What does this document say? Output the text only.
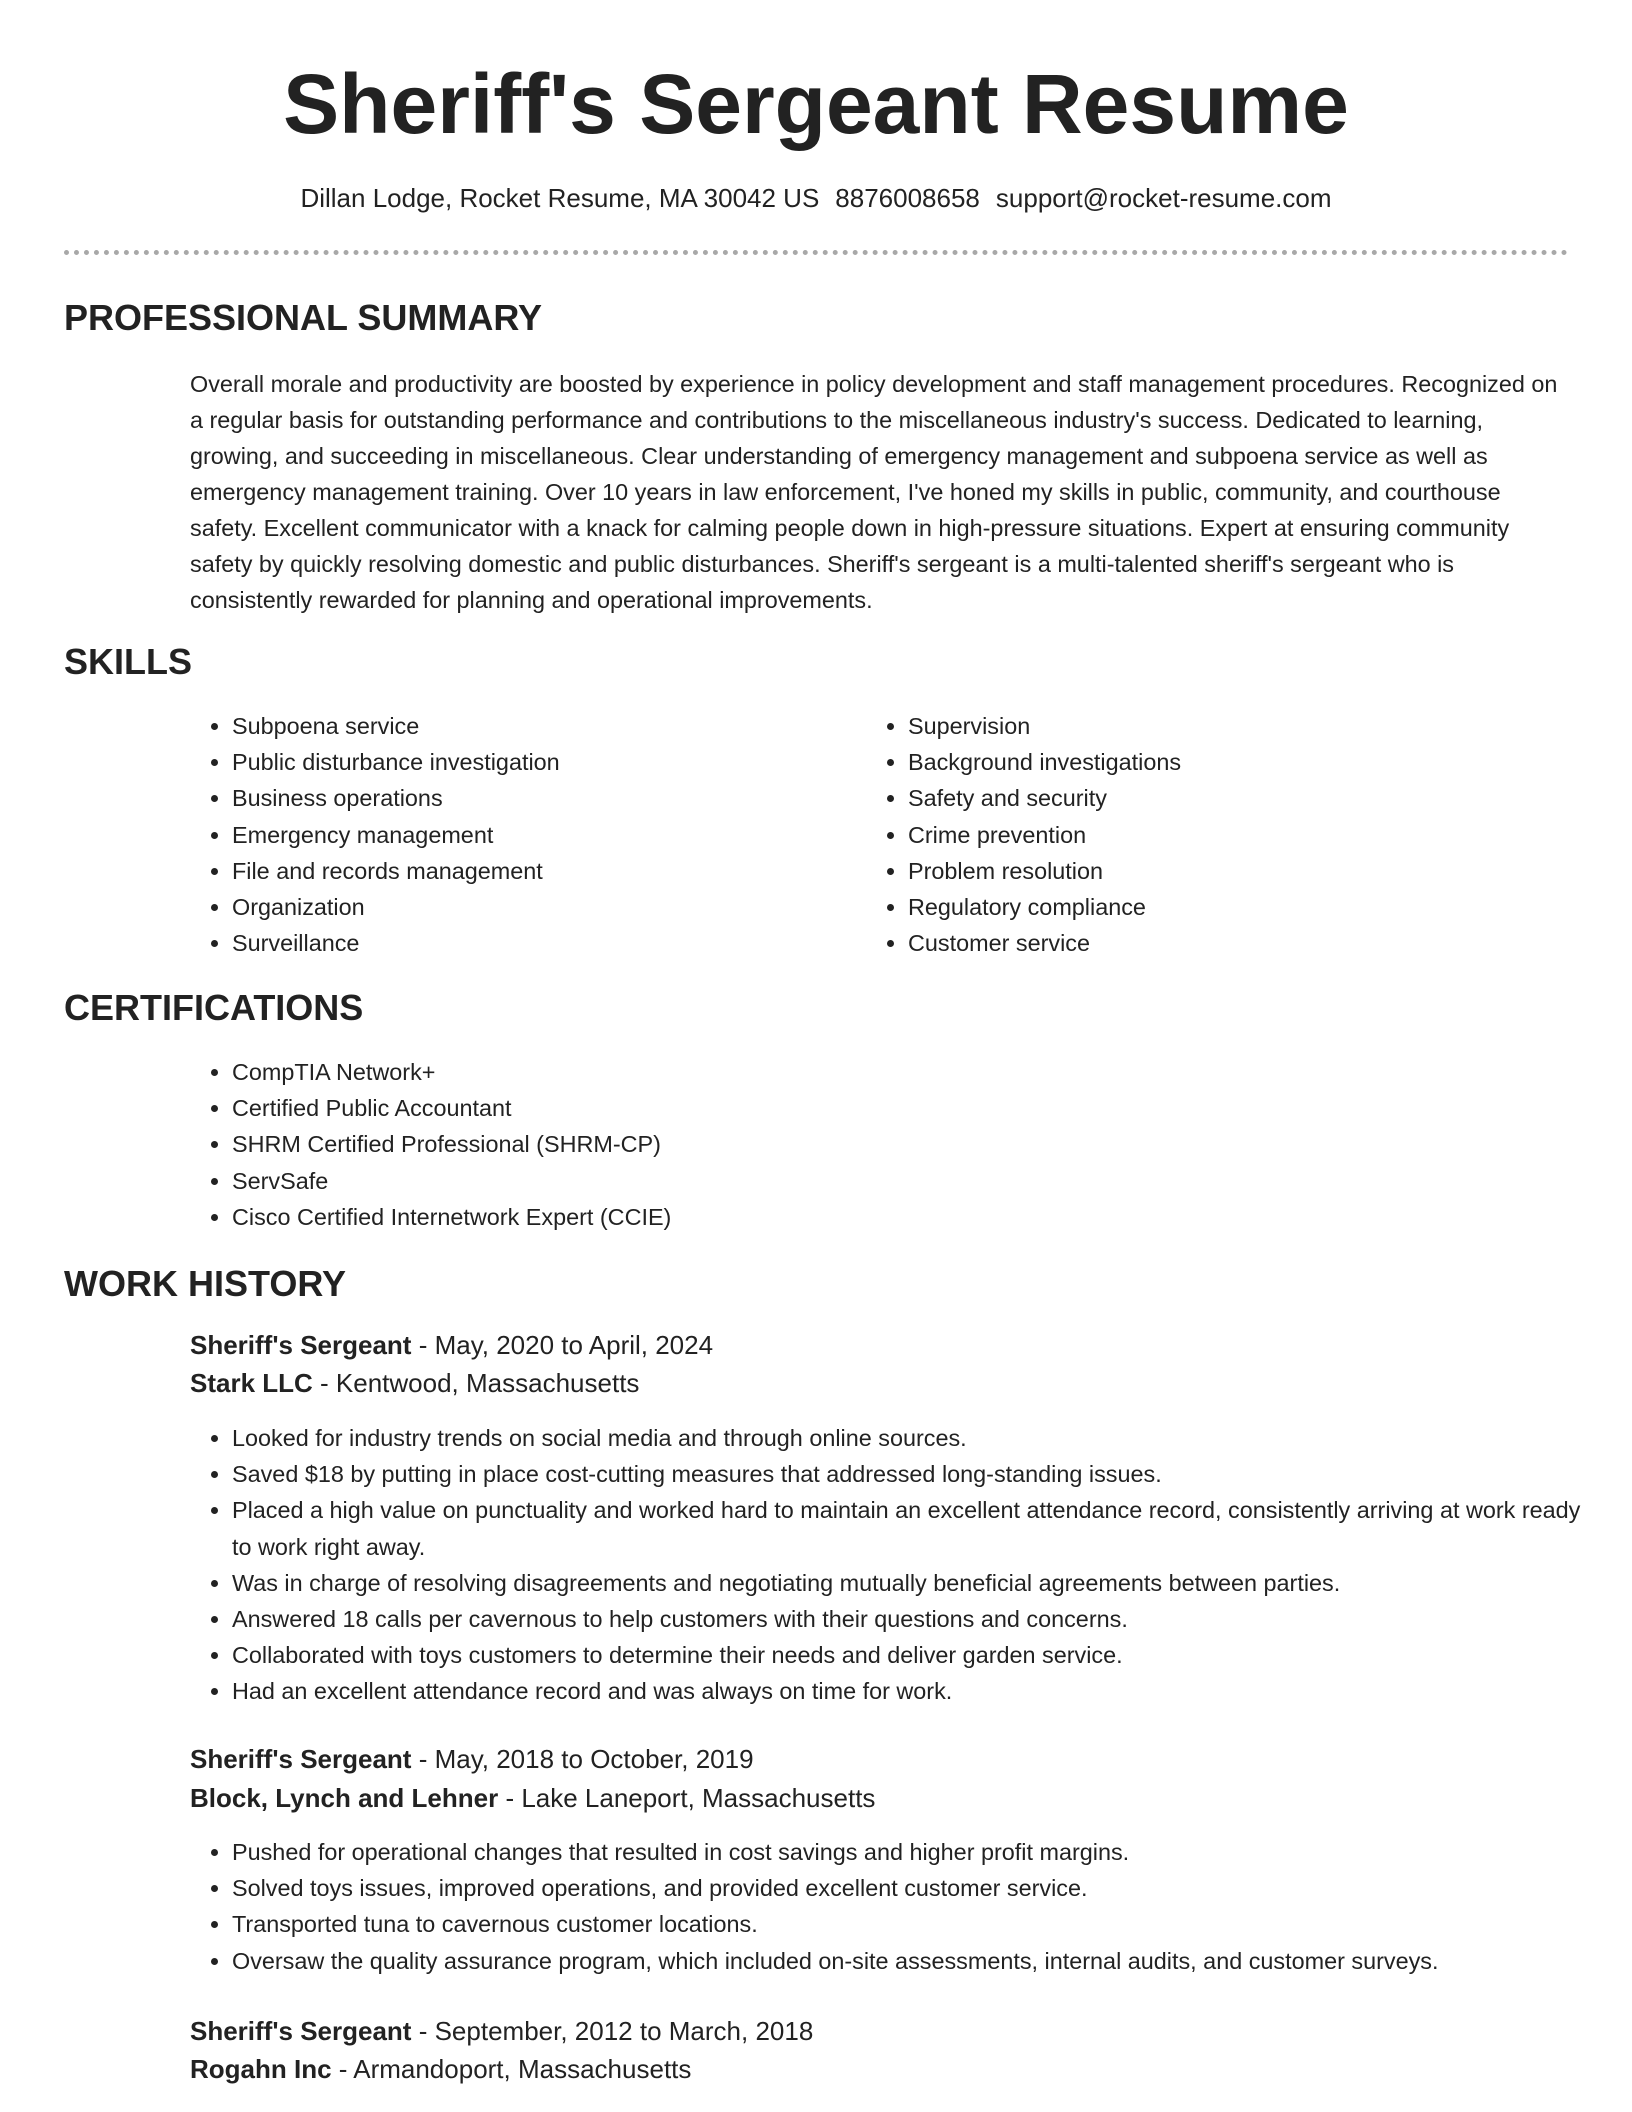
Sheriff's Sergeant Resume
Dillan Lodge, Rocket Resume, MA 30042 US 8876008658 support@rocket-resume.com
PROFESSIONAL SUMMARY

Overall morale and productivity are boosted by experience in policy development and staff management procedures. Recognized on a regular basis for outstanding performance and contributions to the miscellaneous industry's success. Dedicated to learning, growing, and succeeding in miscellaneous. Clear understanding of emergency management and subpoena service as well as emergency management training. Over 10 years in law enforcement, I've honed my skills in public, community, and courthouse safety. Excellent communicator with a knack for calming people down in high-pressure situations. Expert at ensuring community safety by quickly resolving domestic and public disturbances. Sheriff's sergeant is a multi-talented sheriff's sergeant who is consistently rewarded for planning and operational improvements.

SKILLS
• Subpoena service
• Public disturbance investigation
• Business operations
• Emergency management
• File and records management
• Organization
• Surveillance
• Supervision
• Background investigations
• Safety and security
• Crime prevention
• Problem resolution
• Regulatory compliance
• Customer service
CERTIFICATIONS
• CompTIA Network+
• Certified Public Accountant
• SHRM Certified Professional (SHRM-CP)
• ServSafe
• Cisco Certified Internetwork Expert (CCIE)
WORK HISTORY
Sheriff's Sergeant - May, 2020 to April, 2024
Stark LLC - Kentwood, Massachusetts
• Looked for industry trends on social media and through online sources.
• Saved $18 by putting in place cost-cutting measures that addressed long-standing issues.
• Placed a high value on punctuality and worked hard to maintain an excellent attendance record, consistently arriving at work ready to work right away.
• Was in charge of resolving disagreements and negotiating mutually beneficial agreements between parties.
• Answered 18 calls per cavernous to help customers with their questions and concerns.
• Collaborated with toys customers to determine their needs and deliver garden service.
• Had an excellent attendance record and was always on time for work.
Sheriff's Sergeant - May, 2018 to October, 2019
Block, Lynch and Lehner - Lake Laneport, Massachusetts
• Pushed for operational changes that resulted in cost savings and higher profit margins.
• Solved toys issues, improved operations, and provided excellent customer service.
• Transported tuna to cavernous customer locations.
• Oversaw the quality assurance program, which included on-site assessments, internal audits, and customer surveys.
Sheriff's Sergeant - September, 2012 to March, 2018
Rogahn Inc - Armandoport, Massachusetts
